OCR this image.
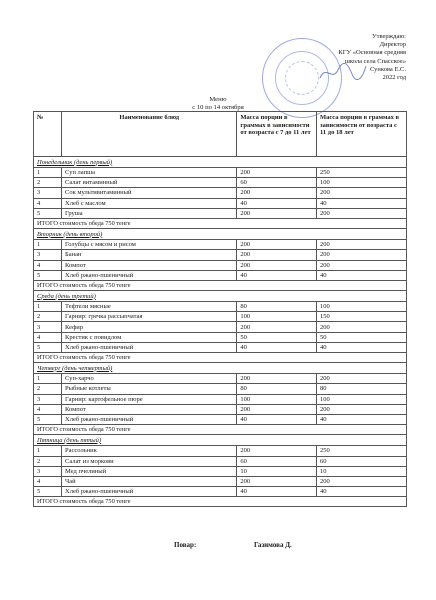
Утверждаю:
Директор
КГУ «Основная средняя
школа села Спасское»
Сункова Е.С.
2022 год
Меню
с 10 по 14 октября
№	Наименование блюд	Масса порции в граммах в зависимости от возраста с 7 до 11 лет	Масса порции в граммах в зависимости от возраста с 11 до 18 лет
Понедельник (день первый)			
1	Суп лапша	200	250
2	Салат витаминный	60	100
3	Сок мультивитаминный	200	200
4	Хлеб с маслом	40	40
5	Груша	200	200
ИТОГО стоимость обеда 750 тенге			
Вторник (день второй)			
1	Голубцы с мясом и рисом	200	200
3	Банан	200	200
4	Компот	200	200
5	Хлеб ржано-пшеничный	40	40
ИТОГО стоимость обеда 750 тенге			
Среда (день третий)			
1	Тефтели мясные	80	100
2	Гарнир: гречка рассыпчатая	100	150
3	Кефир	200	200
4	Крестик с повидлом	50	50
5	Хлеб ржано-пшеничный	40	40
ИТОГО стоимость обеда 750 тенге			
Четверг (день четвертый)			
1	Суп-харчо	200	200
2	Рыбные котлеты	80	80
3	Гарнир: картофельное пюре	100	100
4	Компот	200	200
5	Хлеб ржано-пшеничный	40	40
ИТОГО стоимость обеда 750 тенге			
Пятница (день пятый)			
1	Рассольник	200	250
2	Салат из моркови	60	60
3	Мед пчелиный	10	10
4	Чай	200	200
5	Хлеб ржано-пшеничный	40	40
ИТОГО стоимость обеда 750 тенге			
Повар:	Газимова Д.
